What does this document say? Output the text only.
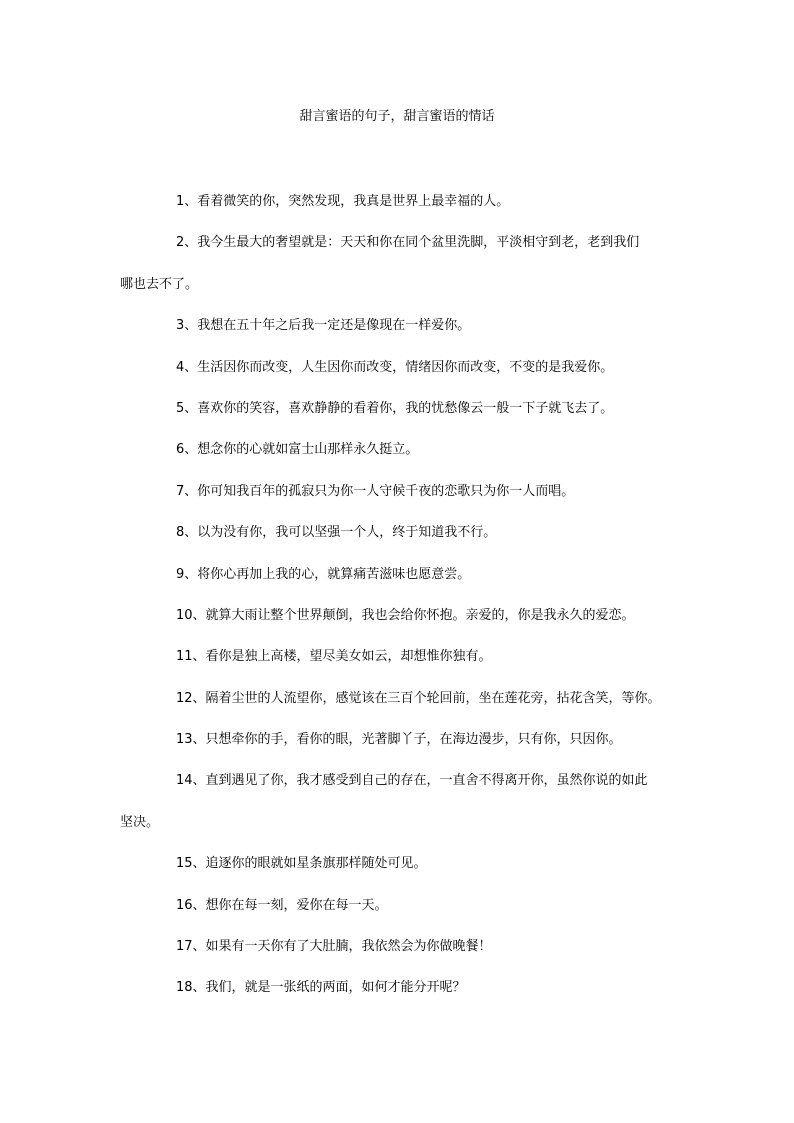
甜言蜜语的句子，甜言蜜语的情话

1、看着微笑的你，突然发现，我真是世界上最幸福的人。

2、我今生最大的奢望就是：天天和你在同个盆里洗脚，平淡相守到老，老到我们
哪也去不了。

3、我想在五十年之后我一定还是像现在一样爱你。

4、生活因你而改变，人生因你而改变，情绪因你而改变，不变的是我爱你。

5、喜欢你的笑容，喜欢静静的看着你，我的忧愁像云一般一下子就飞去了。

6、想念你的心就如富士山那样永久挺立。

7、你可知我百年的孤寂只为你一人守候千夜的恋歌只为你一人而唱。

8、以为没有你，我可以坚强一个人，终于知道我不行。

9、将你心再加上我的心，就算痛苦滋味也愿意尝。

10、就算大雨让整个世界颠倒，我也会给你怀抱。亲爱的，你是我永久的爱恋。

11、看你是独上高楼，望尽美女如云，却想惟你独有。

12、隔着尘世的人流望你，感觉该在三百个轮回前，坐在莲花旁，拈花含笑，等你。

13、只想牵你的手，看你的眼，光著脚丫子，在海边漫步，只有你，只因你。

14、直到遇见了你，我才感受到自己的存在，一直舍不得离开你，虽然你说的如此
坚决。

15、追逐你的眼就如星条旗那样随处可见。

16、想你在每一刻，爱你在每一天。

17、如果有一天你有了大肚腩，我依然会为你做晚餐！

18、我们，就是一张纸的两面，如何才能分开呢？
